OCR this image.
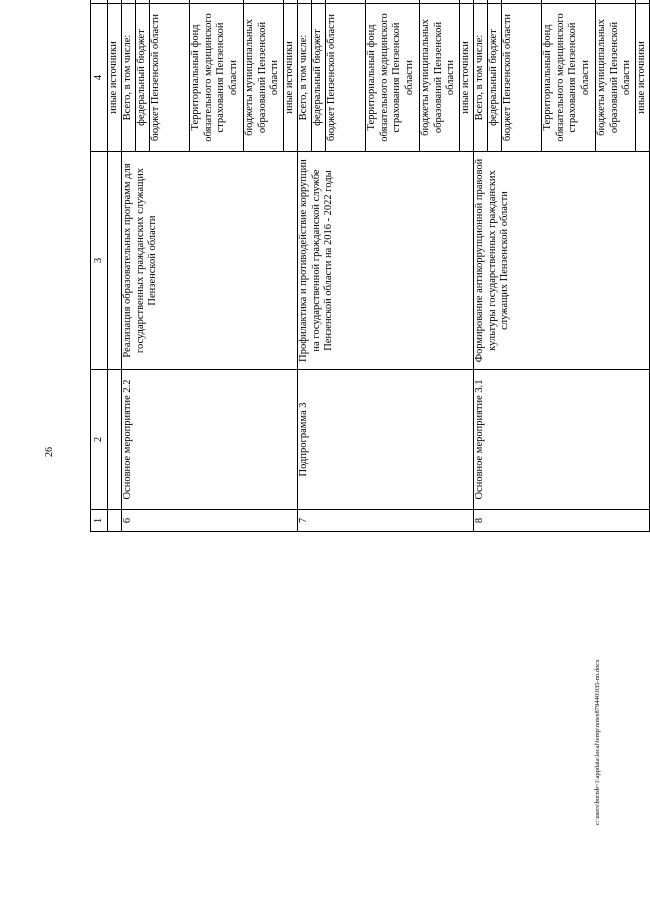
26
1	2	3	4			
			иные источники			
6	Основное мероприятие 2.2	Реализация образовательных программ для государственных гражданских служащих Пензенской области	Всего, в том числе:			
			федеральный бюджет			
			бюджет Пензенской области			
			Территориальный фонд обязательного медицинского страхования Пензенской области			
			бюджеты муниципальных образований Пензенской области			
			иные источники			
7	Подпрограмма 3	Профилактика и противодействие коррупции на государственной гражданской службе Пензенской области на 2016 - 2022 годы	Всего, в том числе:			
			федеральный бюджет			
			бюджет Пензенской области			
			Территориальный фонд обязательного медицинского страхования Пензенской области			
			бюджеты муниципальных образований Пензенской области			
			иные источники			
8	Основное мероприятие 3.1	Формирование антикоррупционной правовой культуры государственных гражданских служащих Пензенской области	Всего, в том числе:			
			федеральный бюджет			
			бюджет Пензенской области			
			Территориальный фонд обязательного медицинского страхования Пензенской области			
			бюджеты муниципальных образований Пензенской области			
			иные источники			
c:\users\borisb~1\appdata\local\temp\notes879440\035-nn.docx
